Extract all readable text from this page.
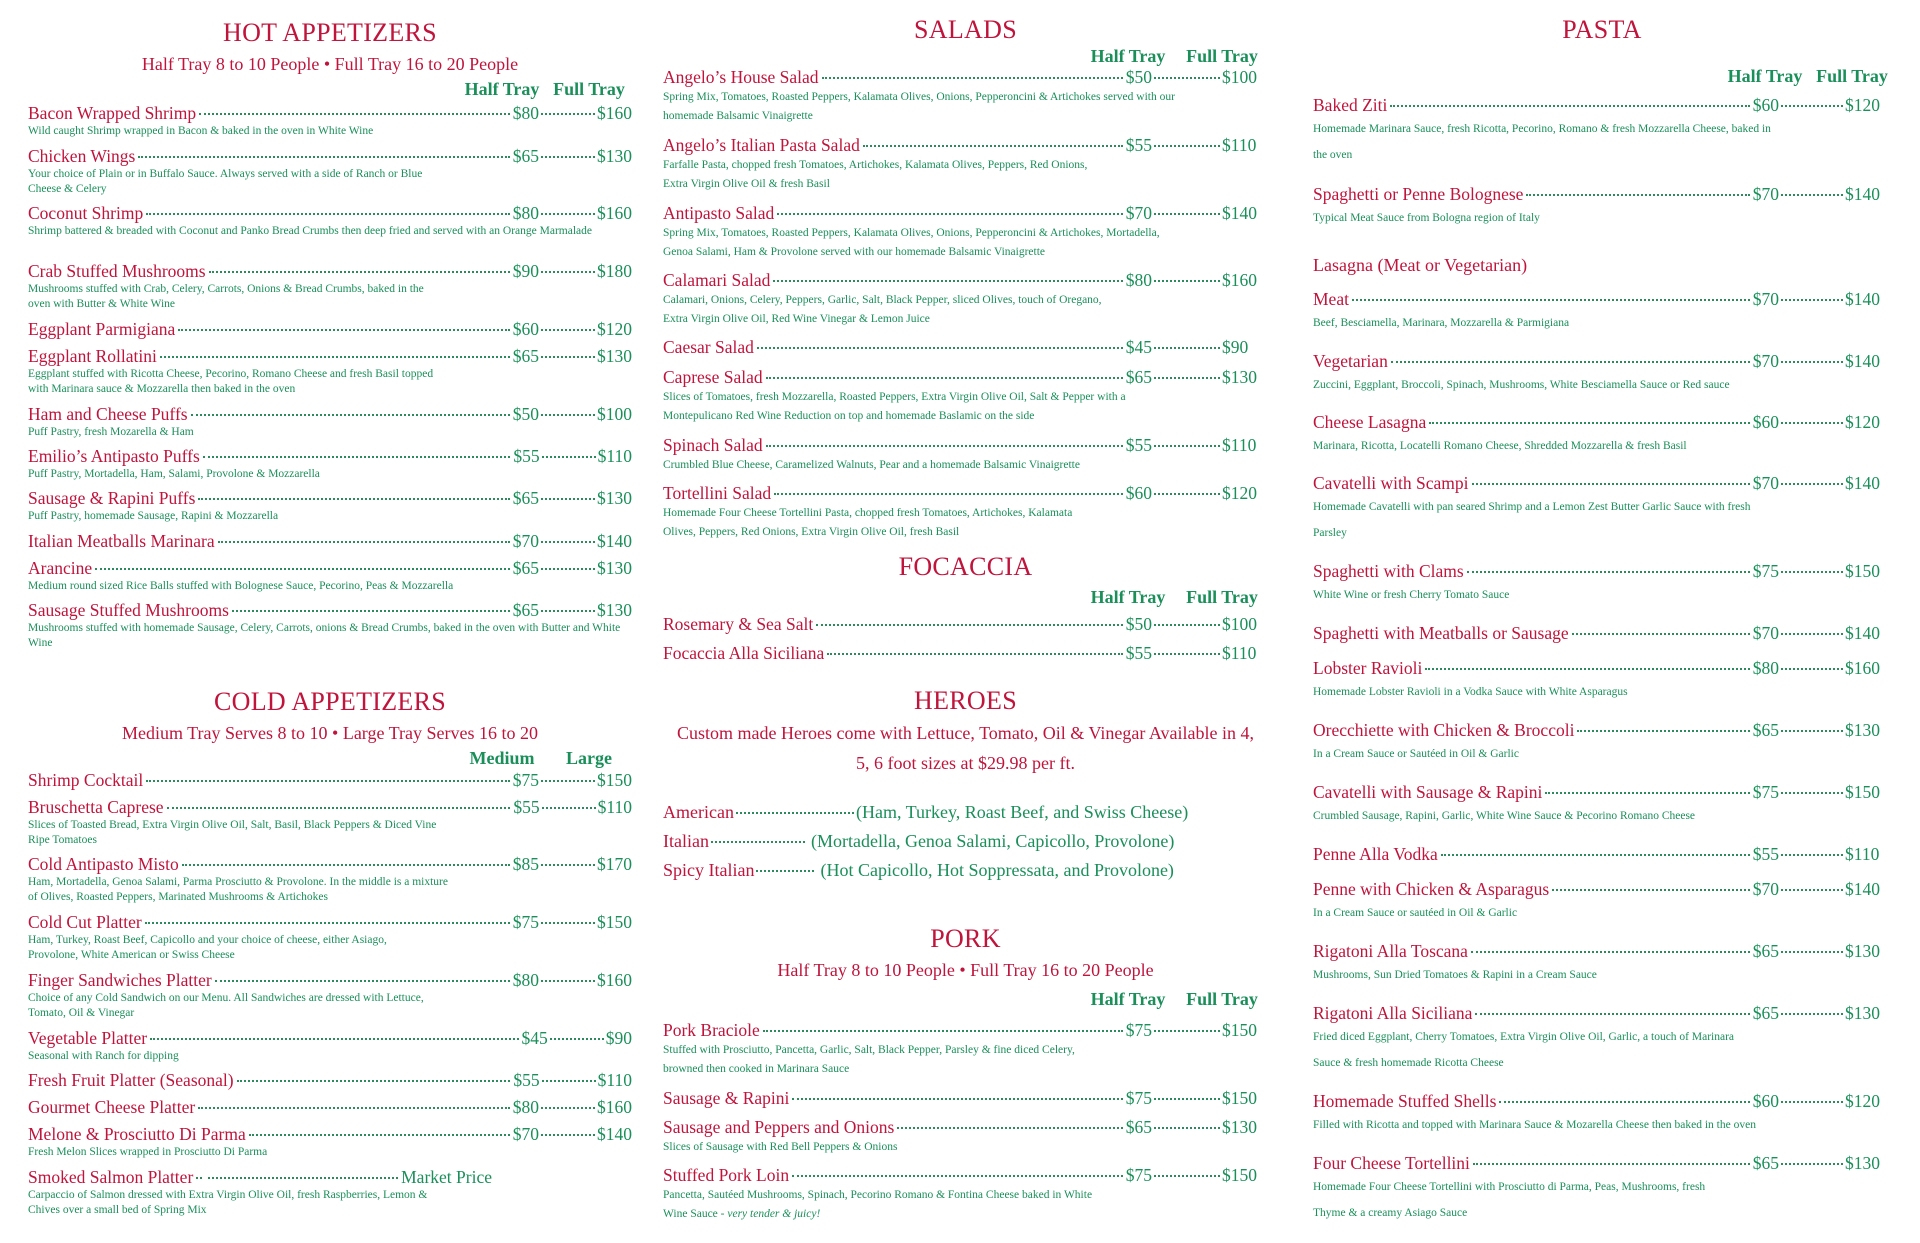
HOT APPETIZERS
Half Tray 8 to 10 People • Full Tray 16 to 20 People
Half Tray Full Tray
Bacon Wrapped Shrimp	$80	$160
Wild caught Shrimp wrapped in Bacon & baked in the oven in White Wine
Chicken Wings	$65	$130
Your choice of Plain or in Buffalo Sauce. Always served with a side of Ranch or Blue Cheese & Celery
Coconut Shrimp	$80	$160
Shrimp battered & breaded with Coconut and Panko Bread Crumbs then deep fried and served with an Orange Marmalade
Crab Stuffed Mushrooms	$90	$180
Mushrooms stuffed with Crab, Celery, Carrots, Onions & Bread Crumbs, baked in the oven with Butter & White Wine
Eggplant Parmigiana	$60	$120
Eggplant Rollatini	$65	$130
Eggplant stuffed with Ricotta Cheese, Pecorino, Romano Cheese and fresh Basil topped with Marinara sauce & Mozzarella then baked in the oven
Ham and Cheese Puffs	$50	$100
Puff Pastry, fresh Mozarella & Ham
Emilio’s Antipasto Puffs	$55	$110
Puff Pastry, Mortadella, Ham, Salami, Provolone & Mozzarella
Sausage & Rapini Puffs	$65	$130
Puff Pastry, homemade Sausage, Rapini & Mozzarella
Italian Meatballs Marinara	$70	$140
Arancine	$65	$130
Medium round sized Rice Balls stuffed with Bolognese Sauce, Pecorino, Peas & Mozzarella
Sausage Stuffed Mushrooms	$65	$130
Mushrooms stuffed with homemade Sausage, Celery, Carrots, onions & Bread Crumbs, baked in the oven with Butter and White Wine
COLD APPETIZERS
Medium Tray Serves 8 to 10 • Large Tray Serves 16 to 20
Medium	Large
Shrimp Cocktail	$75	$150
Bruschetta Caprese	$55	$110
Slices of Toasted Bread, Extra Virgin Olive Oil, Salt, Basil, Black Peppers & Diced Vine Ripe Tomatoes
Cold Antipasto Misto	$85	$170
Ham, Mortadella, Genoa Salami, Parma Prosciutto & Provolone. In the middle is a mixture of Olives, Roasted Peppers, Marinated Mushrooms & Artichokes
Cold Cut Platter	$75	$150
Ham, Turkey, Roast Beef, Capicollo and your choice of cheese, either Asiago, Provolone, White American or Swiss Cheese
Finger Sandwiches Platter	$80	$160
Choice of any Cold Sandwich on our Menu. All Sandwiches are dressed with Lettuce, Tomato, Oil & Vinegar
Vegetable Platter	$45	$90
Seasonal with Ranch for dipping
Fresh Fruit Platter (Seasonal)	$55	$110
Gourmet Cheese Platter	$80	$160
Melone & Prosciutto Di Parma	$70	$140
Fresh Melon Slices wrapped in Prosciutto Di Parma
Smoked Salmon Platter	Market Price
Carpaccio of Salmon dressed with Extra Virgin Olive Oil, fresh Raspberries, Lemon & Chives over a small bed of Spring Mix
SALADS
Half Tray	Full Tray
Angelo’s House Salad	$50	$100
Spring Mix, Tomatoes, Roasted Peppers, Kalamata Olives, Onions, Pepperoncini & Artichokes served with our homemade Balsamic Vinaigrette
Angelo’s Italian Pasta Salad	$55	$110
Farfalle Pasta, chopped fresh Tomatoes, Artichokes, Kalamata Olives, Peppers, Red Onions, Extra Virgin Olive Oil & fresh Basil
Antipasto Salad	$70	$140
Spring Mix, Tomatoes, Roasted Peppers, Kalamata Olives, Onions, Pepperoncini & Artichokes, Mortadella, Genoa Salami, Ham & Provolone served with our homemade Balsamic Vinaigrette
Calamari Salad	$80	$160
Calamari, Onions, Celery, Peppers, Garlic, Salt, Black Pepper, sliced Olives, touch of Oregano, Extra Virgin Olive Oil, Red Wine Vinegar & Lemon Juice
Caesar Salad	$45	$90
Caprese Salad	$65	$130
Slices of Tomatoes, fresh Mozzarella, Roasted Peppers, Extra Virgin Olive Oil, Salt & Pepper with a Montepulicano Red Wine Reduction on top and homemade Baslamic on the side
Spinach Salad	$55	$110
Crumbled Blue Cheese, Caramelized Walnuts, Pear and a homemade Balsamic Vinaigrette
Tortellini Salad	$60	$120
Homemade Four Cheese Tortellini Pasta, chopped fresh Tomatoes, Artichokes, Kalamata Olives, Peppers, Red Onions, Extra Virgin Olive Oil, fresh Basil
FOCACCIA
Half Tray	Full Tray
Rosemary & Sea Salt	$50	$100
Focaccia Alla Siciliana	$55	$110
HEROES
Custom made Heroes come with Lettuce, Tomato, Oil & Vinegar Available in 4,
5, 6 foot sizes at $29.98 per ft.
American	(Ham, Turkey, Roast Beef, and Swiss Cheese)
Italian	(Mortadella, Genoa Salami, Capicollo, Provolone)
Spicy Italian	(Hot Capicollo, Hot Soppressata, and Provolone)
PORK
Half Tray 8 to 10 People • Full Tray 16 to 20 People
Half Tray	Full Tray
Pork Braciole	$75	$150
Stuffed with Prosciutto, Pancetta, Garlic, Salt, Black Pepper, Parsley & fine diced Celery, browned then cooked in Marinara Sauce
Sausage & Rapini	$75	$150
Sausage and Peppers and Onions	$65	$130
Slices of Sausage with Red Bell Peppers & Onions
Stuffed Pork Loin	$75	$150
Pancetta, Sautéed Mushrooms, Spinach, Pecorino Romano & Fontina Cheese baked in White Wine Sauce - very tender & juicy!
PASTA
Half Tray Full Tray
Baked Ziti	$60	$120
Homemade Marinara Sauce, fresh Ricotta, Pecorino, Romano & fresh Mozzarella Cheese, baked in the oven
Spaghetti or Penne Bolognese	$70	$140
Typical Meat Sauce from Bologna region of Italy
Lasagna (Meat or Vegetarian)
Meat	$70	$140
Beef, Besciamella, Marinara, Mozzarella & Parmigiana
Vegetarian	$70	$140
Zuccini, Eggplant, Broccoli, Spinach, Mushrooms, White Besciamella Sauce or Red sauce
Cheese Lasagna	$60	$120
Marinara, Ricotta, Locatelli Romano Cheese, Shredded Mozzarella & fresh Basil
Cavatelli with Scampi	$70	$140
Homemade Cavatelli with pan seared Shrimp and a Lemon Zest Butter Garlic Sauce with fresh Parsley
Spaghetti with Clams	$75	$150
White Wine or fresh Cherry Tomato Sauce
Spaghetti with Meatballs or Sausage	$70	$140
Lobster Ravioli	$80	$160
Homemade Lobster Ravioli in a Vodka Sauce with White Asparagus
Orecchiette with Chicken & Broccoli	$65	$130
In a Cream Sauce or Sautéed in Oil & Garlic
Cavatelli with Sausage & Rapini	$75	$150
Crumbled Sausage, Rapini, Garlic, White Wine Sauce & Pecorino Romano Cheese
Penne Alla Vodka	$55	$110
Penne with Chicken & Asparagus	$70	$140
In a Cream Sauce or sautéed in Oil & Garlic
Rigatoni Alla Toscana	$65	$130
Mushrooms, Sun Dried Tomatoes & Rapini in a Cream Sauce
Rigatoni Alla Siciliana	$65	$130
Fried diced Eggplant, Cherry Tomatoes, Extra Virgin Olive Oil, Garlic, a touch of Marinara Sauce & fresh homemade Ricotta Cheese
Homemade Stuffed Shells	$60	$120
Filled with Ricotta and topped with Marinara Sauce & Mozarella Cheese then baked in the oven
Four Cheese Tortellini	$65	$130
Homemade Four Cheese Tortellini with Prosciutto di Parma, Peas, Mushrooms, fresh Thyme & a creamy Asiago Sauce
